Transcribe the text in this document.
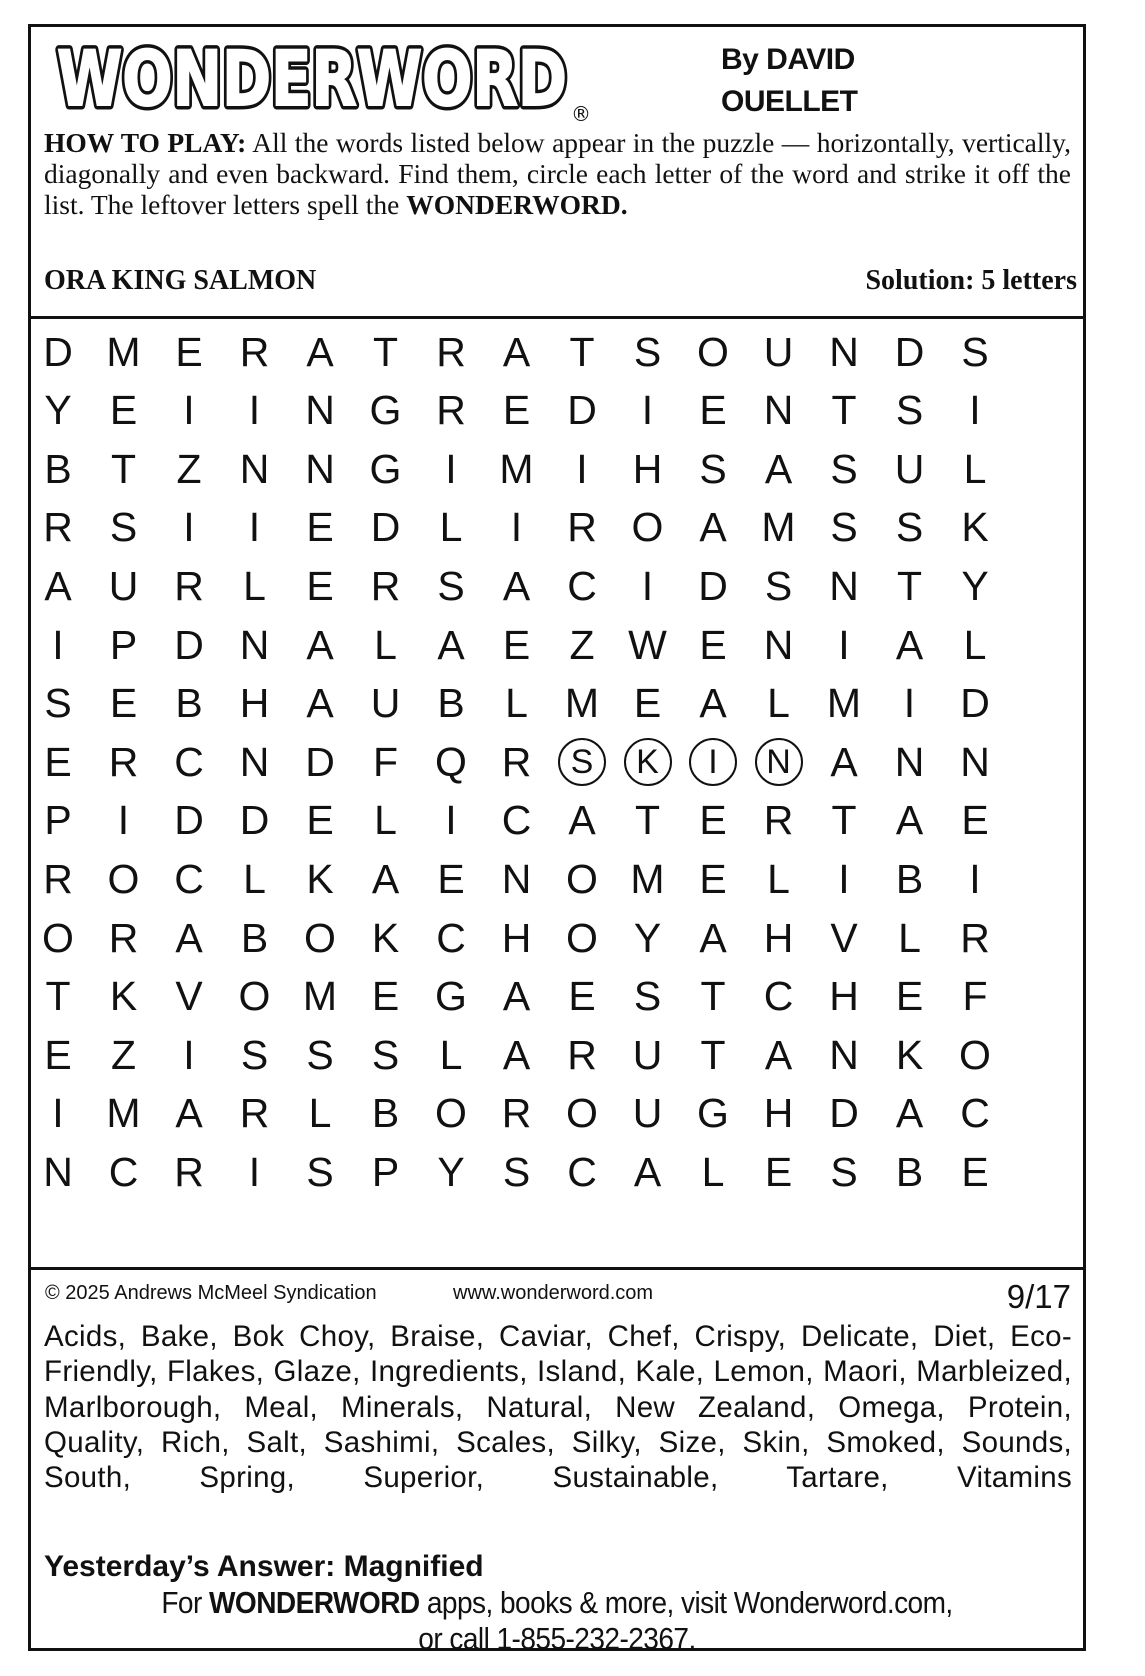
WONDERWORD
WONDERWORD ®
By DAVID
OUELLET
HOW TO PLAY: All the words listed below appear in the puzzle — horizontally, vertically, diagonally and even backward. Find them, circle each letter of the word and strike it off the list. The leftover letters spell the WONDERWORD.
ORA KING SALMON	Solution: 5 letters
D M E R A T R A T S O U N D S
Y E	I	I	N G R E D	I	E N T S	I
B T Z N N G	I	M	I	H S A S U L
R S	I	I	E D L	I	R O A M S S K
A U R L E R S A C	I	D S N T Y
I	P D N A L A E Z W E N	I	A L
S E B H A U B L M E A L M	I	D
E R C N D F Q R	S	K	I	N A N N
P	I	D D E L	I	C A T E R T A E
R O C L K A E N O M E L	I	B	I
O R A B O K C H O Y A H V L R
T K V O M E G A E S T C H E F
E Z	I	S S S L A R U T A N K O
I	M A R L B O R O U G H D A C
N C R	I	S P Y S C A L E S B E
© 2025 Andrews McMeel Syndication	www.wonderword.com	9/17
Acids, Bake, Bok Choy, Braise, Caviar, Chef, Crispy, Delicate, Diet, Eco-Friendly, Flakes, Glaze, Ingredients, Island, Kale, Lemon, Maori, Marbleized, Marlborough, Meal, Minerals, Natural, New Zealand, Omega, Protein, Quality, Rich, Salt, Sashimi, Scales, Silky, Size, Skin, Smoked, Sounds, South, Spring, Superior, Sustainable, Tartare, Vitamins
Yesterday’s Answer: Magnified
For WONDERWORD apps, books & more, visit Wonderword.com,
or call 1-855-232-2367.
